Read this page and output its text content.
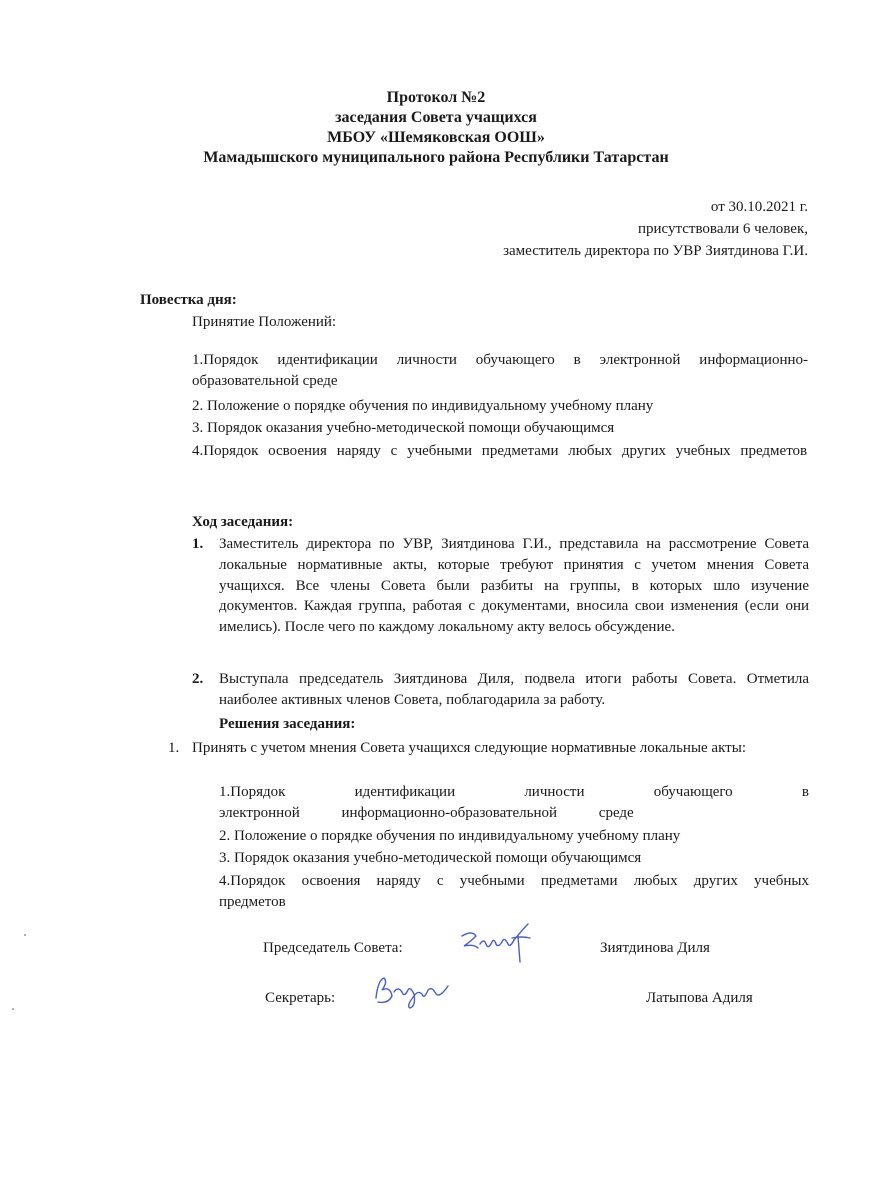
Протокол №2
заседания Совета учащихся
МБОУ «Шемяковская ООШ»
Мамадышского муниципального района Республики Татарстан
от 30.10.2021 г.
присутствовали 6 человек,
заместитель директора по УВР Зиятдинова Г.И.
Повестка дня:
Принятие Положений:
1.Порядок идентификации личности обучающего в электронной информационно-образовательной среде
2. Положение о порядке обучения по индивидуальному учебному плану
3. Порядок оказания учебно-методической помощи обучающимся
4.Порядок освоения наряду с учебными предметами любых других учебных предметов
Ход заседания:
1. Заместитель директора по УВР, Зиятдинова Г.И., представила на рассмотрение Совета локальные нормативные акты, которые требуют принятия с учетом мнения Совета учащихся. Все члены Совета были разбиты на группы, в которых шло изучение документов. Каждая группа, работая с документами, вносила свои изменения (если они имелись). После чего по каждому локальному акту велось обсуждение.
2. Выступала председатель Зиятдинова Диля, подвела итоги работы Совета. Отметила наиболее активных членов Совета, поблагодарила за работу.
Решения заседания:
1. Принять с учетом мнения Совета учащихся следующие нормативные локальные акты:
1.Порядок идентификации личности обучающего в электронной информационно-образовательной среде
2. Положение о порядке обучения по индивидуальному учебному плану
3. Порядок оказания учебно-методической помощи обучающимся
4.Порядок освоения наряду с учебными предметами любых других учебных предметов
Председатель Совета:	Зиятдинова Диля
Секретарь:	Латыпова Адиля
